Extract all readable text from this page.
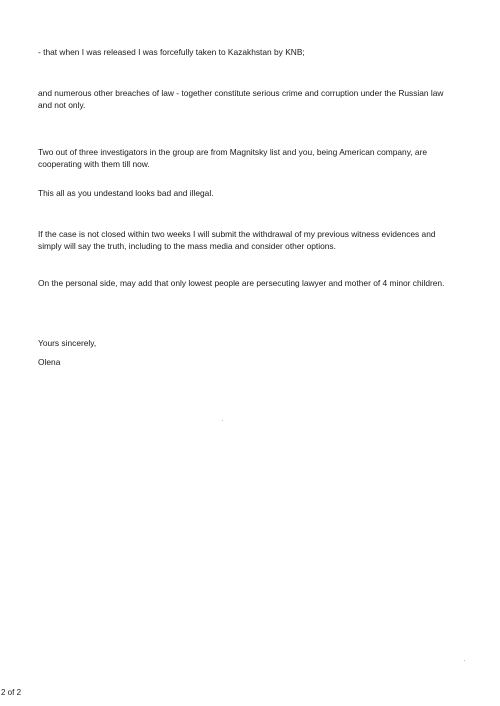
- that when I was released I was forcefully taken to Kazakhstan by KNB;

and numerous other breaches of law - together constitute serious crime and corruption under the Russian law and not only.

Two out of three investigators in the group are from Magnitsky list and you, being American company, are cooperating with them till now.

This all as you undestand looks bad and illegal.

If the case is not closed within two weeks I will submit the withdrawal of my previous witness evidences and simply will say the truth, including to the mass media and consider other options.

On the personal side, may add that only lowest people are persecuting lawyer and mother of 4 minor children.

Yours sincerely,

Olena

2 of 2
